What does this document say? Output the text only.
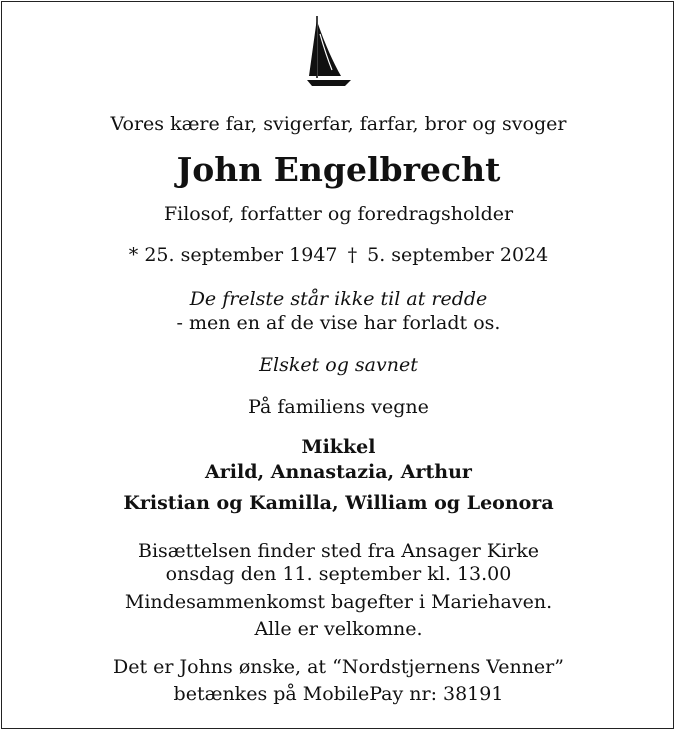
Vores kære far, svigerfar, farfar, bror og svoger
John Engelbrecht
Filosof, forfatter og foredragsholder
* 25. september 1947 † 5. september 2024
De frelste står ikke til at redde
- men en af de vise har forladt os.
Elsket og savnet
På familiens vegne
Mikkel
Arild, Annastazia, Arthur
Kristian og Kamilla, William og Leonora
Bisættelsen finder sted fra Ansager Kirke
onsdag den 11. september kl. 13.00
Mindesammenkomst bagefter i Mariehaven.
Alle er velkomne.
Det er Johns ønske, at “Nordstjernens Venner”
betænkes på MobilePay nr: 38191
